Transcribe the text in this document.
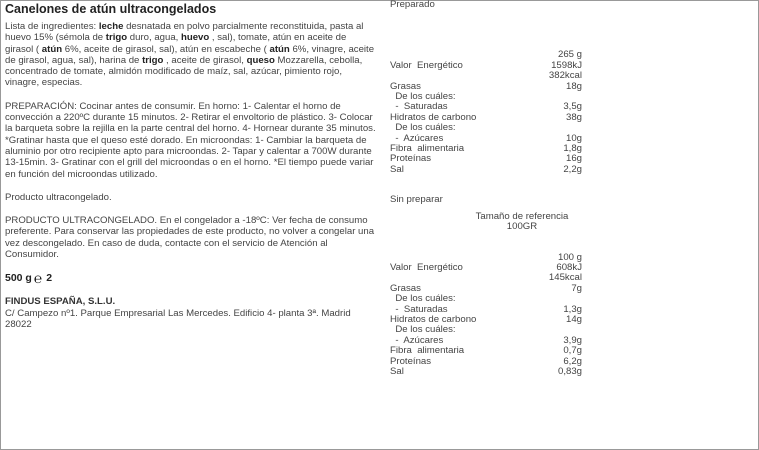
Canelones de atún ultracongelados
Lista de ingredientes: leche desnatada en polvo parcialmente reconstituida, pasta al huevo 15% (sémola de trigo duro, agua, huevo , sal), tomate, atún en aceite de girasol ( atún 6%, aceite de girasol, sal), atún en escabeche ( atún 6%, vinagre, aceite de girasol, agua, sal), harina de trigo , aceite de girasol, queso Mozzarella, cebolla, concentrado de tomate, almidón modificado de maíz, sal, azúcar, pimiento rojo, vinagre, especias.
PREPARACIÓN: Cocinar antes de consumir. En horno: 1- Calentar el horno de convección a 220ºC durante 15 minutos. 2- Retirar el envoltorio de plástico. 3- Colocar la barqueta sobre la rejilla en la parte central del horno. 4- Hornear durante 35 minutos. *Gratinar hasta que el queso esté dorado. En microondas: 1- Cambiar la barqueta de aluminio por otro recipiente apto para microondas. 2- Tapar y calentar a 700W durante 13-15min. 3- Gratinar con el grill del microondas o en el horno. *El tiempo puede variar en función del microondas utilizado.
Producto ultracongelado.
PRODUCTO ULTRACONGELADO. En el congelador a -18ºC: Ver fecha de consumo preferente. Para conservar las propiedades de este producto, no volver a congelar una vez descongelado. En caso de duda, contacte con el servicio de Atención al Consumidor.
500 g ℮ 2
FINDUS ESPAÑA, S.L.U.
C/ Campezo nº1. Parque Empresarial Las Mercedes. Edificio 4- planta 3ª. Madrid 28022
Preparado
265 g
Valor  Energético	1598kJ
382kcal
Grasas	18g
De los cuáles:
-  Saturadas	3,5g
Hidratos de carbono	38g
De los cuáles:
-  Azúcares	10g
Fibra  alimentaria	1,8g
Proteínas	16g
Sal	2,2g
Sin preparar
Tamaño de referencia
100GR
100 g
Valor  Energético	608kJ
145kcal
Grasas	7g
De los cuáles:
-  Saturadas	1,3g
Hidratos de carbono	14g
De los cuáles:
-  Azúcares	3,9g
Fibra  alimentaria	0,7g
Proteínas	6,2g
Sal	0,83g
